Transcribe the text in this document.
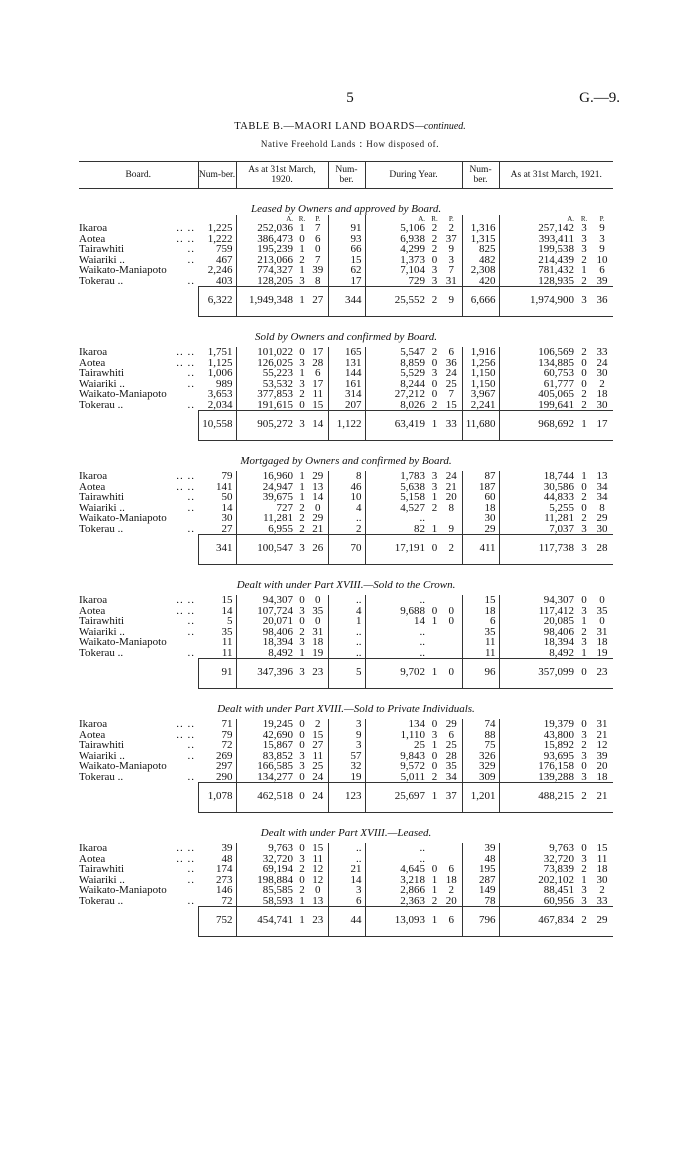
5	G.—9.
TABLE B.—MAORI LAND BOARDS—continued.
Native Freehold Lands : How disposed of.
Board.	Num-ber.	As at 31st March, 1920.			Num-ber.	During Year.			Num-ber.	As at 31st March, 1921.		
Leased by Owners and approved by Board.												
		A.	R.	P.		A.	R.	P.		A.	R.	P.
Ikaroa .. ..	1,225	252,036	1	7	91	5,106	2	2	1,316	257,142	3	9
Aotea .. ..	1,222	386,473	0	6	93	6,938	2	37	1,315	393,411	3	3
Tairawhiti ..	759	195,239	1	0	66	4,299	2	9	825	199,538	3	9
Waiariki .. ..	467	213,066	2	7	15	1,373	0	3	482	214,439	2	10
Waikato-Maniapoto	2,246	774,327	1	39	62	7,104	3	7	2,308	781,432	1	6
Tokerau .. ..	403	128,205	3	8	17	729	3	31	420	128,935	2	39
	6,322	1,949,348	1	27	344	25,552	2	9	6,666	1,974,900	3	36
Sold by Owners and confirmed by Board.												

Ikaroa .. ..	1,751	101,022	0	17	165	5,547	2	6	1,916	106,569	2	33
Aotea .. ..	1,125	126,025	3	28	131	8,859	0	36	1,256	134,885	0	24
Tairawhiti ..	1,006	55,223	1	6	144	5,529	3	24	1,150	60,753	0	30
Waiariki .. ..	989	53,532	3	17	161	8,244	0	25	1,150	61,777	0	2
Waikato-Maniapoto	3,653	377,853	2	11	314	27,212	0	7	3,967	405,065	2	18
Tokerau .. ..	2,034	191,615	0	15	207	8,026	2	15	2,241	199,641	2	30
	10,558	905,272	3	14	1,122	63,419	1	33	11,680	968,692	1	17
Mortgaged by Owners and confirmed by Board.												

Ikaroa .. ..	79	16,960	1	29	8	1,783	3	24	87	18,744	1	13
Aotea .. ..	141	24,947	1	13	46	5,638	3	21	187	30,586	0	34
Tairawhiti ..	50	39,675	1	14	10	5,158	1	20	60	44,833	2	34
Waiariki .. ..	14	727	2	0	4	4,527	2	8	18	5,255	0	8
Waikato-Maniapoto	30	11,281	2	29	..	..			30	11,281	2	29
Tokerau .. ..	27	6,955	2	21	2	82	1	9	29	7,037	3	30
	341	100,547	3	26	70	17,191	0	2	411	117,738	3	28
Dealt with under Part XVIII.—Sold to the Crown.												

Ikaroa .. ..	15	94,307	0	0	..	..			15	94,307	0	0
Aotea .. ..	14	107,724	3	35	4	9,688	0	0	18	117,412	3	35
Tairawhiti ..	5	20,071	0	0	1	14	1	0	6	20,085	1	0
Waiariki .. ..	35	98,406	2	31	..	..			35	98,406	2	31
Waikato-Maniapoto	11	18,394	3	18	..	..			11	18,394	3	18
Tokerau .. ..	11	8,492	1	19	..	..			11	8,492	1	19
	91	347,396	3	23	5	9,702	1	0	96	357,099	0	23
Dealt with under Part XVIII.—Sold to Private Individuals.												

Ikaroa .. ..	71	19,245	0	2	3	134	0	29	74	19,379	0	31
Aotea .. ..	79	42,690	0	15	9	1,110	3	6	88	43,800	3	21
Tairawhiti ..	72	15,867	0	27	3	25	1	25	75	15,892	2	12
Waiariki .. ..	269	83,852	3	11	57	9,843	0	28	326	93,695	3	39
Waikato-Maniapoto	297	166,585	3	25	32	9,572	0	35	329	176,158	0	20
Tokerau .. ..	290	134,277	0	24	19	5,011	2	34	309	139,288	3	18
	1,078	462,518	0	24	123	25,697	1	37	1,201	488,215	2	21
Dealt with under Part XVIII.—Leased.												

Ikaroa .. ..	39	9,763	0	15	..	..			39	9,763	0	15
Aotea .. ..	48	32,720	3	11	..	..			48	32,720	3	11
Tairawhiti ..	174	69,194	2	12	21	4,645	0	6	195	73,839	2	18
Waiariki .. ..	273	198,884	0	12	14	3,218	1	18	287	202,102	1	30
Waikato-Maniapoto	146	85,585	2	0	3	2,866	1	2	149	88,451	3	2
Tokerau .. ..	72	58,593	1	13	6	2,363	2	20	78	60,956	3	33
	752	454,741	1	23	44	13,093	1	6	796	467,834	2	29
